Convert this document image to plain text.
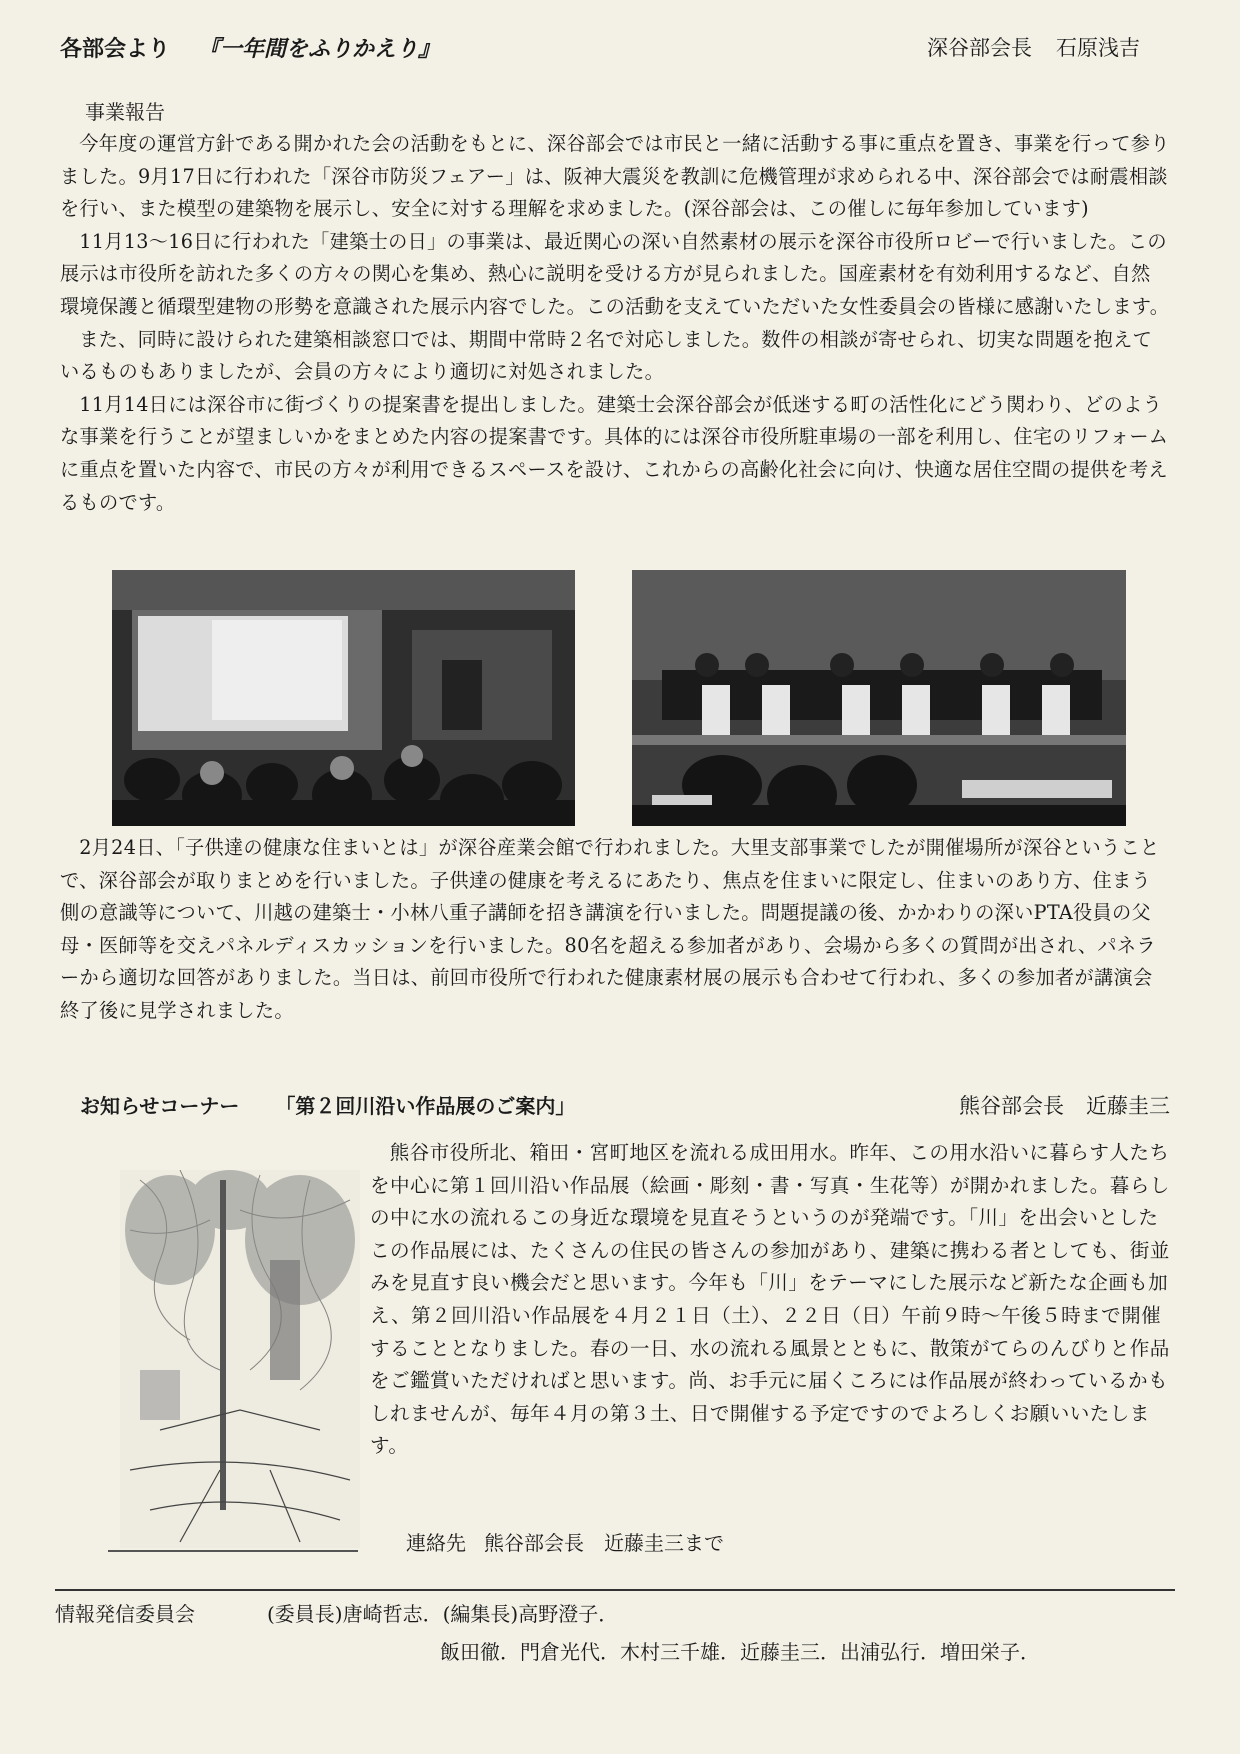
各部会より 『一年間をふりかえり』	深谷部会長 石原浅吉
事業報告

今年度の運営方針である開かれた会の活動をもとに、深谷部会では市民と一緒に活動する事に重点を置き、事業を行って参りました。9月17日に行われた「深谷市防災フェアー」は、阪神大震災を教訓に危機管理が求められる中、深谷部会では耐震相談を行い、また模型の建築物を展示し、安全に対する理解を求めました。(深谷部会は、この催しに毎年参加しています)

11月13〜16日に行われた「建築士の日」の事業は、最近関心の深い自然素材の展示を深谷市役所ロビーで行いました。この展示は市役所を訪れた多くの方々の関心を集め、熱心に説明を受ける方が見られました。国産素材を有効利用するなど、自然環境保護と循環型建物の形勢を意識された展示内容でした。この活動を支えていただいた女性委員会の皆様に感謝いたします。

また、同時に設けられた建築相談窓口では、期間中常時２名で対応しました。数件の相談が寄せられ、切実な問題を抱えているものもありましたが、会員の方々により適切に対処されました。

11月14日には深谷市に街づくりの提案書を提出しました。建築士会深谷部会が低迷する町の活性化にどう関わり、どのような事業を行うことが望ましいかをまとめた内容の提案書です。具体的には深谷市役所駐車場の一部を利用し、住宅のリフォームに重点を置いた内容で、市民の方々が利用できるスペースを設け、これからの高齢化社会に向け、快適な居住空間の提供を考えるものです。

2月24日、「子供達の健康な住まいとは」が深谷産業会館で行われました。大里支部事業でしたが開催場所が深谷ということで、深谷部会が取りまとめを行いました。子供達の健康を考えるにあたり、焦点を住まいに限定し、住まいのあり方、住まう側の意識等について、川越の建築士・小林八重子講師を招き講演を行いました。問題提議の後、かかわりの深いPTA役員の父母・医師等を交えパネルディスカッションを行いました。80名を超える参加者があり、会場から多くの質問が出され、パネラーから適切な回答がありました。当日は、前回市役所で行われた健康素材展の展示も合わせて行われ、多くの参加者が講演会終了後に見学されました。

お知らせコーナー 「第２回川沿い作品展のご案内」	熊谷部会長 近藤圭三

熊谷市役所北、箱田・宮町地区を流れる成田用水。昨年、この用水沿いに暮らす人たちを中心に第１回川沿い作品展（絵画・彫刻・書・写真・生花等）が開かれました。暮らしの中に水の流れるこの身近な環境を見直そうというのが発端です。「川」を出会いとしたこの作品展には、たくさんの住民の皆さんの参加があり、建築に携わる者としても、街並みを見直す良い機会だと思います。今年も「川」をテーマにした展示など新たな企画も加え、第２回川沿い作品展を４月２１日（土）、２２日（日）午前９時〜午後５時まで開催することとなりました。春の一日、水の流れる風景とともに、散策がてらのんびりと作品をご鑑賞いただければと思います。尚、お手元に届くころには作品展が終わっているかもしれませんが、毎年４月の第３土、日で開催する予定ですのでよろしくお願いいたします。

連絡先 熊谷部会長　近藤圭三まで
情報発信委員会	(委員長)唐崎哲志．(編集長)高野澄子．
飯田徹．門倉光代．木村三千雄．近藤圭三．出浦弘行．増田栄子．
